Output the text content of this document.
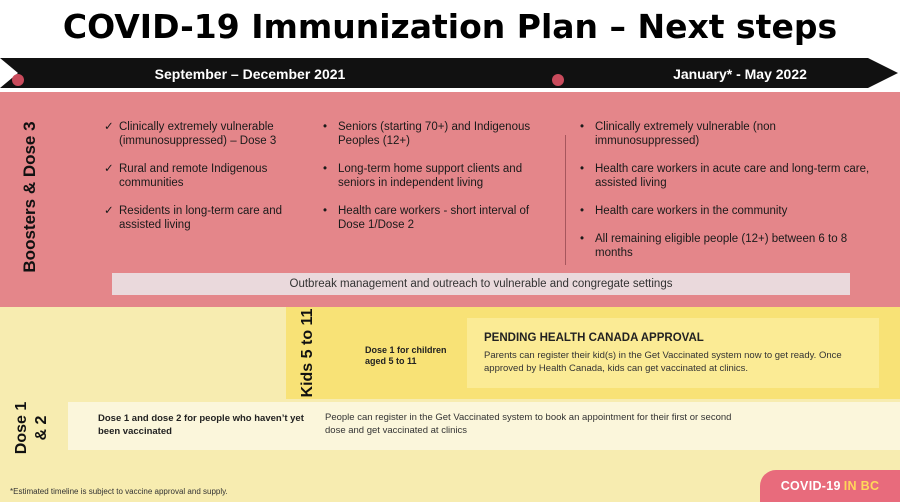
COVID-19 Immunization Plan – Next steps
September – December 2021	January* - May 2022
Boosters & Dose 3	✓ Clinically extremely vulnerable (immunosuppressed) – Dose 3
✓ Rural and remote Indigenous communities
✓ Residents in long-term care and assisted living
• Seniors (starting 70+) and Indigenous Peoples (12+)
• Long-term home support clients and seniors in independent living
• Health care workers - short interval of Dose 1/Dose 2
• Clinically extremely vulnerable (non immunosuppressed)
• Health care workers in acute care and long-term care, assisted living
• Health care workers in the community
• All remaining eligible people (12+) between 6 to 8 months
Outbreak management and outreach to vulnerable and congregate settings
Kids 5 to 11	Dose 1 for children aged 5 to 11
PENDING HEALTH CANADA APPROVAL
Parents can register their kid(s) in the Get Vaccinated system now to get ready. Once approved by Health Canada, kids can get vaccinated at clinics.
Dose 1 & 2	Dose 1 and dose 2 for people who haven’t yet been vaccinated
People can register in the Get Vaccinated system to book an appointment for their first or second dose and get vaccinated at clinics
*Estimated timeline is subject to vaccine approval and supply.	COVID-19 IN BC
